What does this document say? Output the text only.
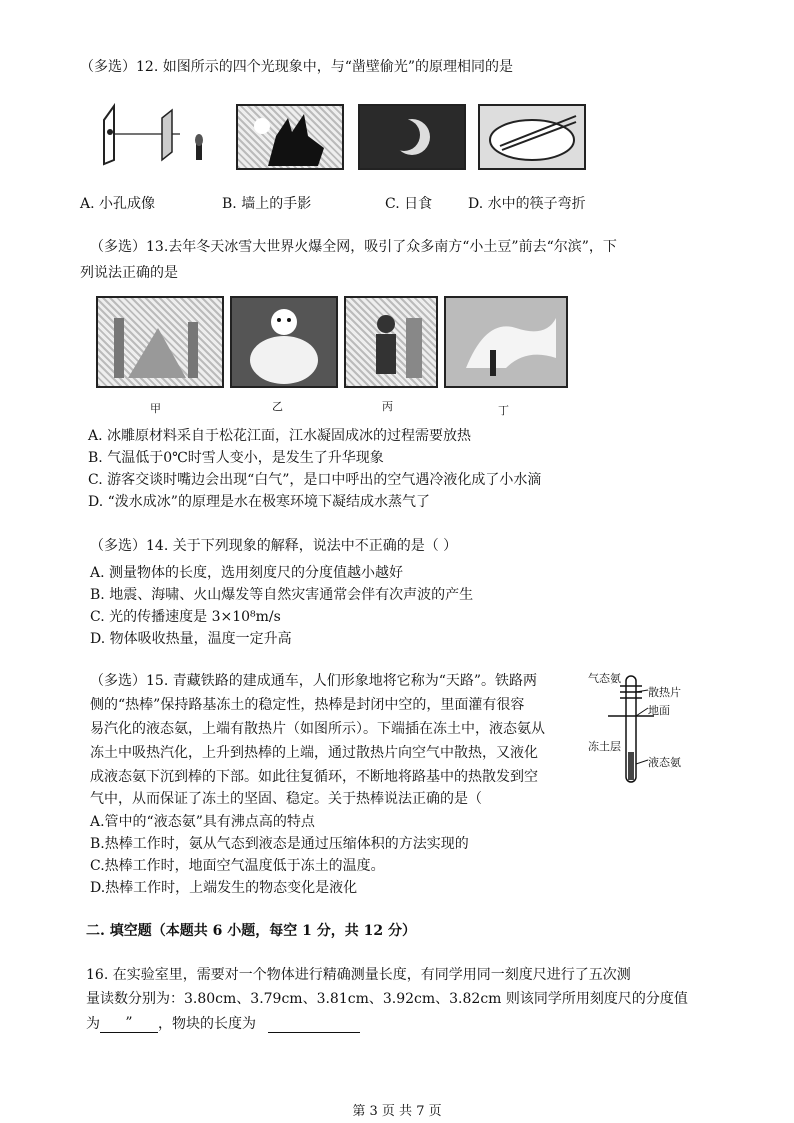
（多选）12. 如图所示的四个光现象中，与“凿壁偷光”的原理相同的是
A. 小孔成像	B. 墙上的手影	C. 日食	D. 水中的筷子弯折
（多选）13.去年冬天冰雪大世界火爆全网，吸引了众多南方“小土豆”前去“尔滨”，下
列说法正确的是
甲	乙	丙	丁
A. 冰雕原材料采自于松花江面，江水凝固成冰的过程需要放热
B. 气温低于0℃时雪人变小，是发生了升华现象
C. 游客交谈时嘴边会出现“白气”，是口中呼出的空气遇冷液化成了小水滴
D. “泼水成冰”的原理是水在极寒环境下凝结成水蒸气了
（多选）14. 关于下列现象的解释，说法中不正确的是（ ）
A. 测量物体的长度，选用刻度尺的分度值越小越好
B. 地震、海啸、火山爆发等自然灾害通常会伴有次声波的产生
C. 光的传播速度是 3×10⁸m/s
D. 物体吸收热量，温度一定升高
（多选）15. 青藏铁路的建成通车，人们形象地将它称为“天路”。铁路两
侧的“热棒”保持路基冻土的稳定性，热棒是封闭中空的，里面灌有很容
易汽化的液态氨，上端有散热片（如图所示）。下端插在冻土中，液态氨从
冻土中吸热汽化，上升到热棒的上端，通过散热片向空气中散热，又液化
成液态氨下沉到棒的下部。如此往复循环，不断地将路基中的热散发到空
气中，从而保证了冻土的坚固、稳定。关于热棒说法正确的是（
A.管中的“液态氨”具有沸点高的特点
B.热棒工作时，氨从气态到液态是通过压缩体积的方法实现的
C.热棒工作时，地面空气温度低于冻土的温度。
D.热棒工作时，上端发生的物态变化是液化
气态氨
散热片
地面
冻土层
液态氨
二. 填空题（本题共 6 小题，每空 1 分，共 12 分）
16. 在实验室里，需要对一个物体进行精确测量长度，有同学用同一刻度尺进行了五次测
量读数分别为：3.80cm、3.79cm、3.81cm、3.92cm、3.82cm 则该同学所用刻度尺的分度值
为 ” ，物块的长度为
第 3 页 共 7 页
